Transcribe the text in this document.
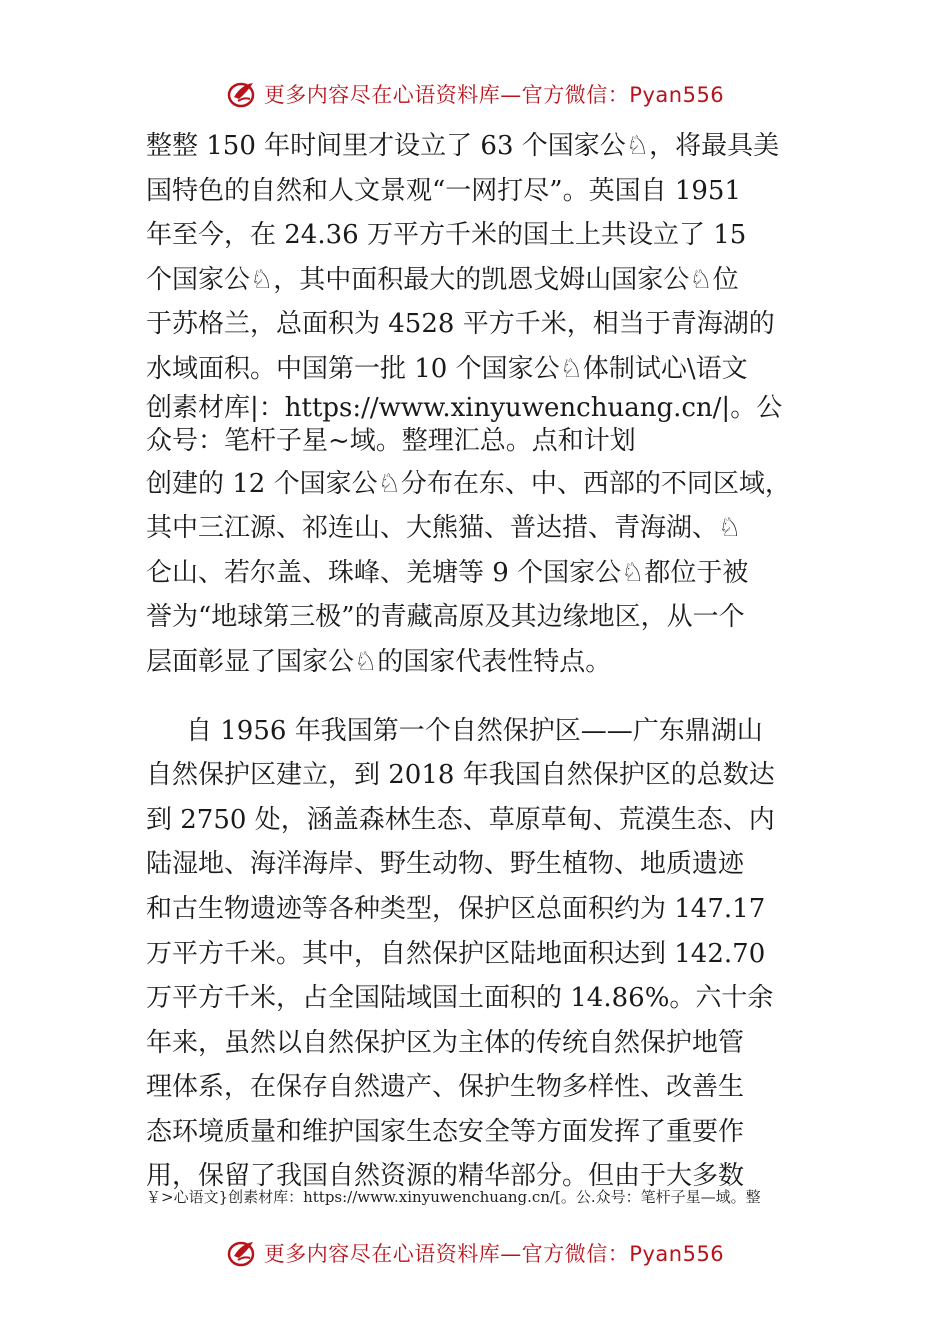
更多内容尽在心语资料库—官方微信：Pyan556
整整 150 年时间里才设立了 63 个国家公♘，将最具美
国特色的自然和人文景观“一网打尽”。英国自 1951
年至今，在 24.36 万平方千米的国土上共设立了 15
个国家公♘，其中面积最大的凯恩戈姆山国家公♘位
于苏格兰，总面积为 4528 平方千米，相当于青海湖的
水域面积。中国第一批 10 个国家公♘体制试心\语文
创素材库|：https://www.xinyuwenchuang.cn/|。公
众号：笔杆子星~域。整理汇总。点和计划
创建的 12 个国家公♘分布在东、中、西部的不同区域，
其中三江源、祁连山、大熊猫、普达措、青海湖、♘
仑山、若尔盖、珠峰、羌塘等 9 个国家公♘都位于被
誉为“地球第三极”的青藏高原及其边缘地区，从一个
层面彰显了国家公♘的国家代表性特点。
自 1956 年我国第一个自然保护区——广东鼎湖山
自然保护区建立，到 2018 年我国自然保护区的总数达
到 2750 处，涵盖森林生态、草原草甸、荒漠生态、内
陆湿地、海洋海岸、野生动物、野生植物、地质遗迹
和古生物遗迹等各种类型，保护区总面积约为 147.17
万平方千米。其中，自然保护区陆地面积达到 142.70
万平方千米，占全国陆域国土面积的 14.86%。六十余
年来，虽然以自然保护区为主体的传统自然保护地管
理体系，在保存自然遗产、保护生物多样性、改善生
态环境质量和维护国家生态安全等方面发挥了重要作
用，保留了我国自然资源的精华部分。但由于大多数
￥>心语文}创素材库：https://www.xinyuwenchuang.cn/[。公.众号：笔杆子星—域。整
更多内容尽在心语资料库—官方微信：Pyan556
